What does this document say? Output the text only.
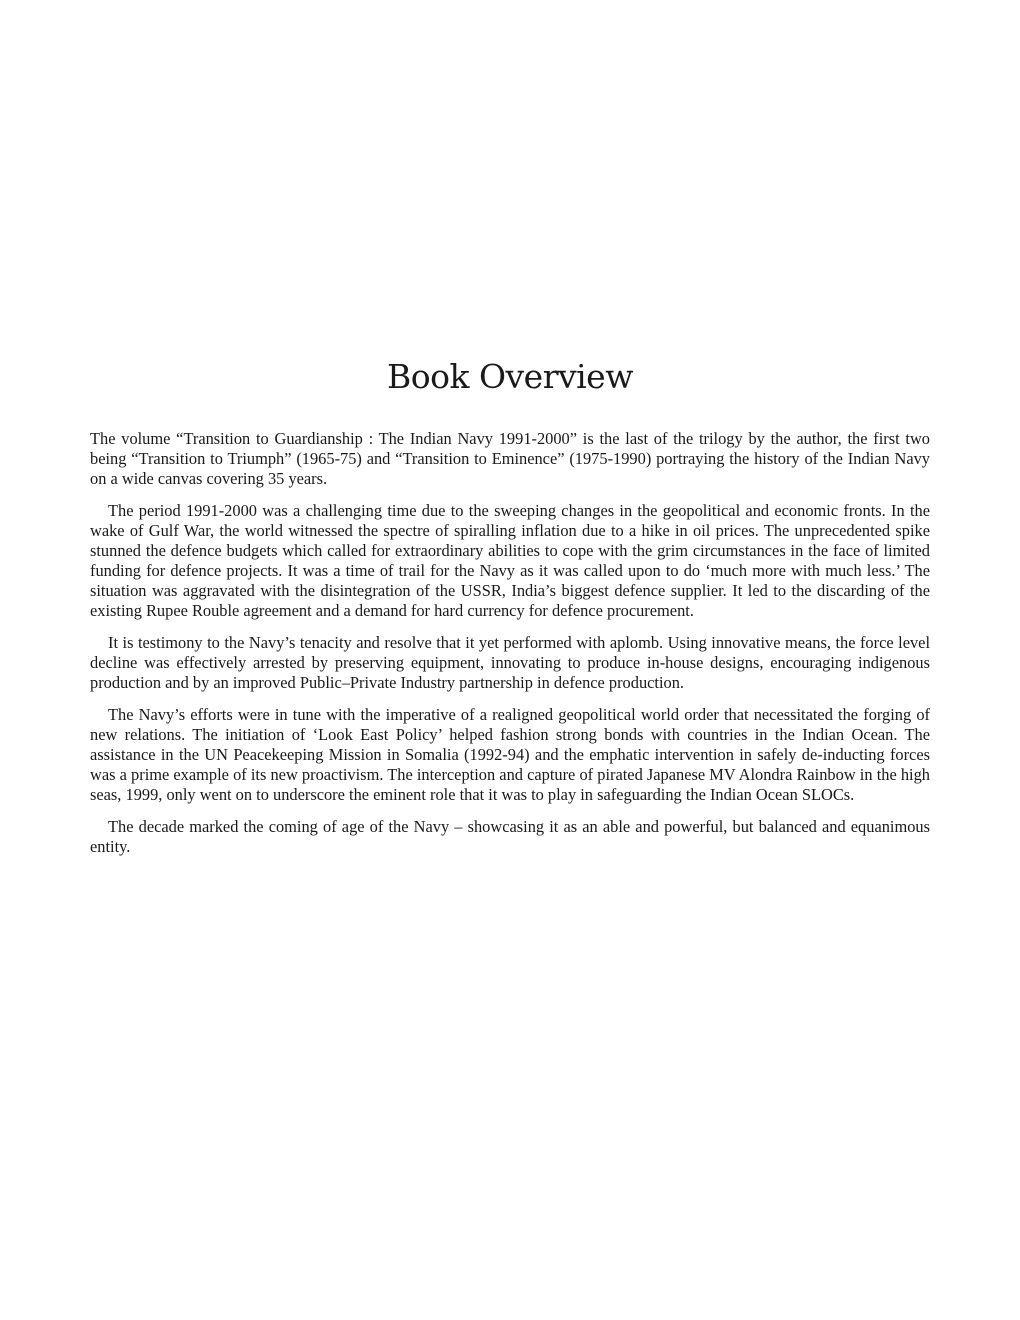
Book Overview

The volume “Transition to Guardianship : The Indian Navy 1991-2000” is the last of the trilogy by the author, the first two being “Transition to Triumph” (1965-75) and “Transition to Eminence” (1975-1990) portraying the history of the Indian Navy on a wide canvas covering 35 years.

The period 1991-2000 was a challenging time due to the sweeping changes in the geopolitical and economic fronts. In the wake of Gulf War, the world witnessed the spectre of spiralling inflation due to a hike in oil prices. The unprecedented spike stunned the defence budgets which called for extraordinary abilities to cope with the grim circumstances in the face of limited funding for defence projects. It was a time of trail for the Navy as it was called upon to do ‘much more with much less.’ The situation was aggravated with the disintegration of the USSR, India’s biggest defence supplier. It led to the discarding of the existing Rupee Rouble agreement and a demand for hard currency for defence procurement.

It is testimony to the Navy’s tenacity and resolve that it yet performed with aplomb. Using innovative means, the force level decline was effectively arrested by preserving equipment, innovating to produce in-house designs, encouraging indigenous production and by an improved Public–Private Industry partnership in defence production.

The Navy’s efforts were in tune with the imperative of a realigned geopolitical world order that necessitated the forging of new relations. The initiation of ‘Look East Policy’ helped fashion strong bonds with countries in the Indian Ocean. The assistance in the UN Peacekeeping Mission in Somalia (1992-94) and the emphatic intervention in safely de-inducting forces was a prime example of its new proactivism. The interception and capture of pirated Japanese MV Alondra Rainbow in the high seas, 1999, only went on to underscore the eminent role that it was to play in safeguarding the Indian Ocean SLOCs.

The decade marked the coming of age of the Navy – showcasing it as an able and powerful, but balanced and equanimous entity.
